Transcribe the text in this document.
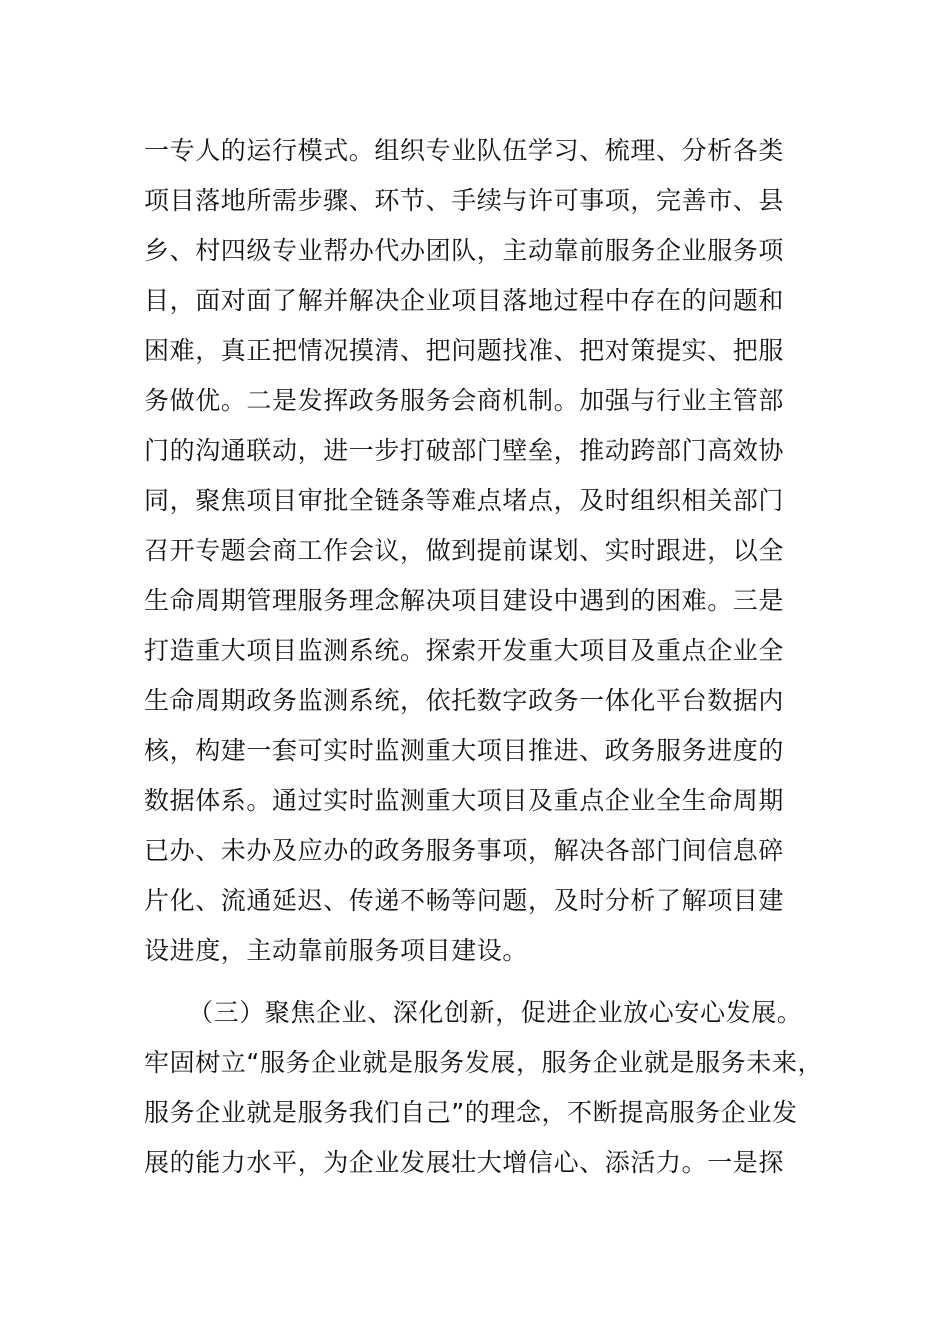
一专人的运行模式。组织专业队伍学习、梳理、分析各类
项目落地所需步骤、环节、手续与许可事项，完善市、县
乡、村四级专业帮办代办团队，主动靠前服务企业服务项
目，面对面了解并解决企业项目落地过程中存在的问题和
困难，真正把情况摸清、把问题找准、把对策提实、把服
务做优。二是发挥政务服务会商机制。加强与行业主管部
门的沟通联动，进一步打破部门壁垒，推动跨部门高效协
同，聚焦项目审批全链条等难点堵点，及时组织相关部门
召开专题会商工作会议，做到提前谋划、实时跟进，以全
生命周期管理服务理念解决项目建设中遇到的困难。三是
打造重大项目监测系统。探索开发重大项目及重点企业全
生命周期政务监测系统，依托数字政务一体化平台数据内
核，构建一套可实时监测重大项目推进、政务服务进度的
数据体系。通过实时监测重大项目及重点企业全生命周期
已办、未办及应办的政务服务事项，解决各部门间信息碎
片化、流通延迟、传递不畅等问题，及时分析了解项目建
设进度，主动靠前服务项目建设。
（三）聚焦企业、深化创新，促进企业放心安心发展。
牢固树立“服务企业就是服务发展，服务企业就是服务未来，
服务企业就是服务我们自己”的理念，不断提高服务企业发
展的能力水平，为企业发展壮大增信心、添活力。一是探
